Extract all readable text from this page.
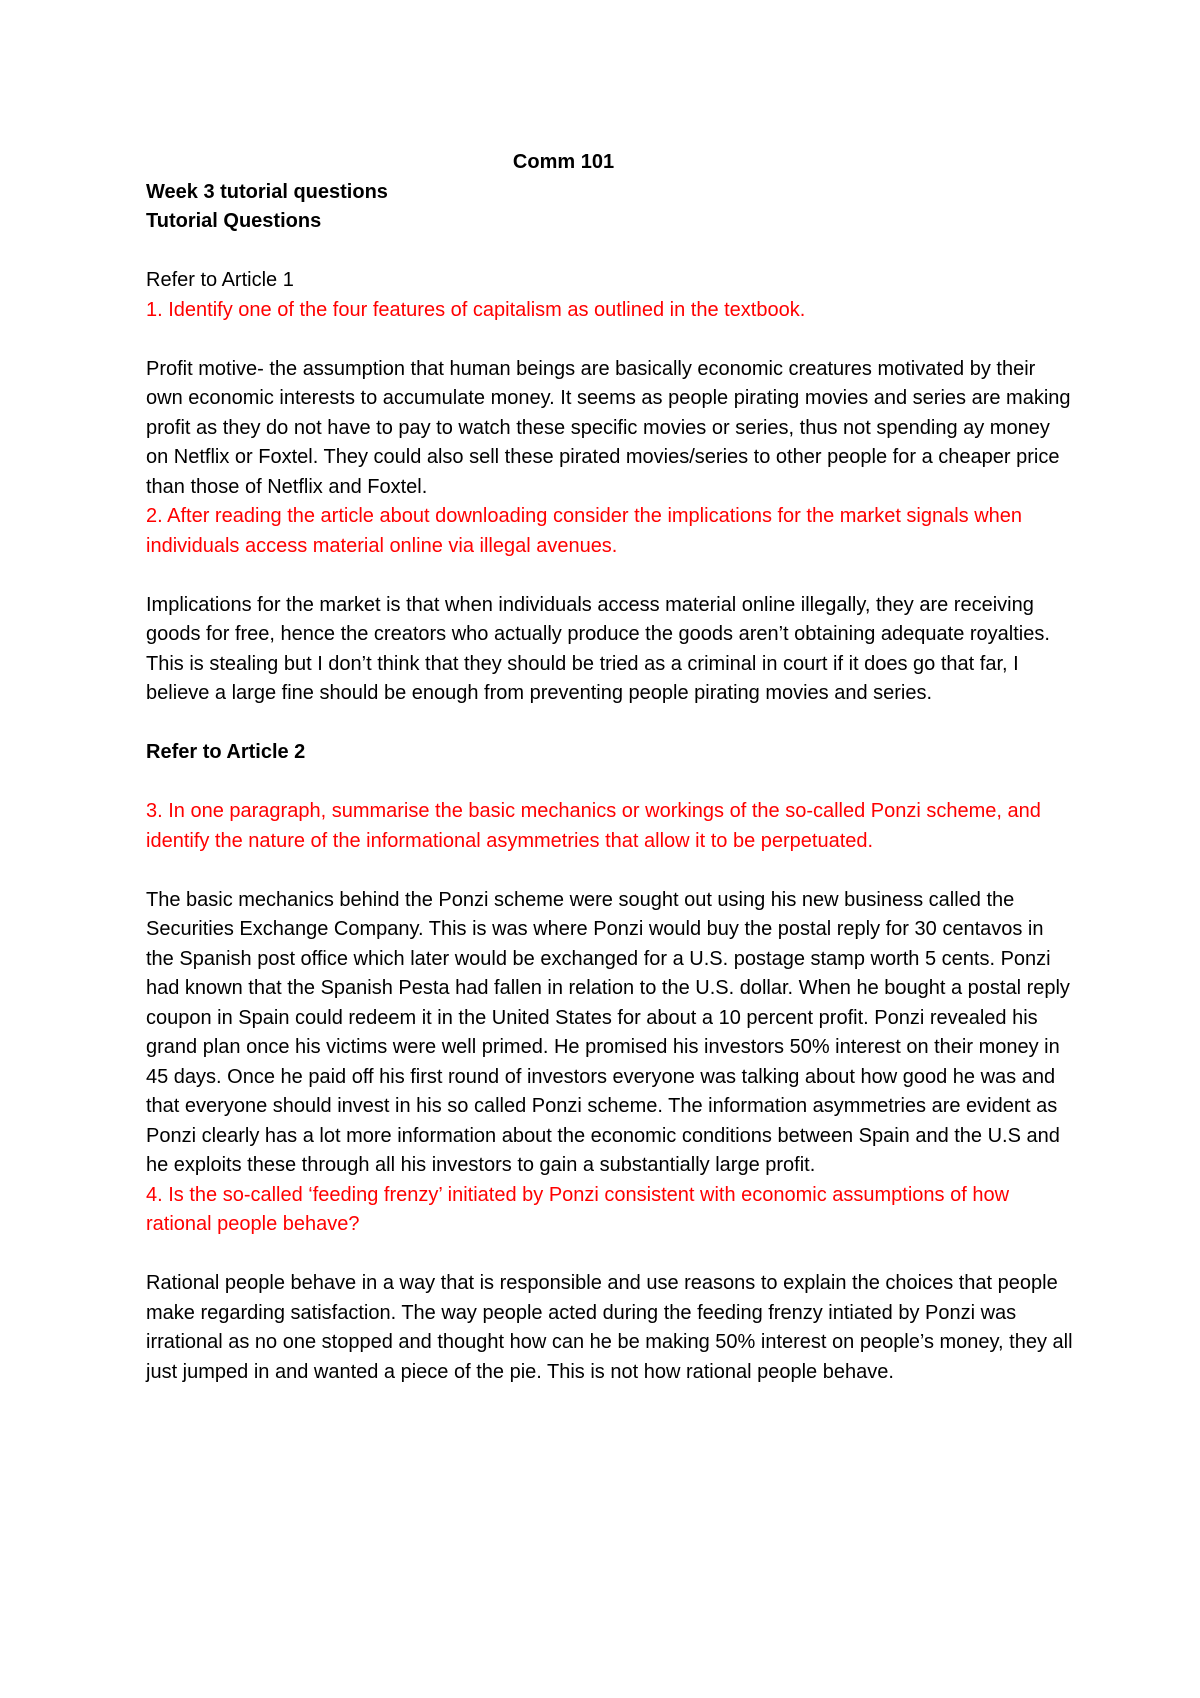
Comm 101

Week 3 tutorial questions

Tutorial Questions

Refer to Article 1

1. Identify one of the four features of capitalism as outlined in the textbook.

Profit motive- the assumption that human beings are basically economic creatures motivated by their own economic interests to accumulate money. It seems as people pirating movies and series are making profit as they do not have to pay to watch these specific movies or series, thus not spending ay money on Netflix or Foxtel. They could also sell these pirated movies/series to other people for a cheaper price than those of Netflix and Foxtel.

2. After reading the article about downloading consider the implications for the market signals when individuals access material online via illegal avenues.

Implications for the market is that when individuals access material online illegally, they are receiving goods for free, hence the creators who actually produce the goods aren’t obtaining adequate royalties. This is stealing but I don’t think that they should be tried as a criminal in court if it does go that far, I believe a large fine should be enough from preventing people pirating movies and series.

Refer to Article 2

3. In one paragraph, summarise the basic mechanics or workings of the so-called Ponzi scheme, and identify the nature of the informational asymmetries that allow it to be perpetuated.

The basic mechanics behind the Ponzi scheme were sought out using his new business called the Securities Exchange Company. This is was where Ponzi would buy the postal reply for 30 centavos in the Spanish post office which later would be exchanged for a U.S. postage stamp worth 5 cents. Ponzi had known that the Spanish Pesta had fallen in relation to the U.S. dollar. When he bought a postal reply coupon in Spain could redeem it in the United States for about a 10 percent profit. Ponzi revealed his grand plan once his victims were well primed. He promised his investors 50% interest on their money in 45 days. Once he paid off his first round of investors everyone was talking about how good he was and that everyone should invest in his so called Ponzi scheme. The information asymmetries are evident as Ponzi clearly has a lot more information about the economic conditions between Spain and the U.S and he exploits these through all his investors to gain a substantially large profit.

4. Is the so-called ‘feeding frenzy’ initiated by Ponzi consistent with economic assumptions of how rational people behave?

Rational people behave in a way that is responsible and use reasons to explain the choices that people make regarding satisfaction. The way people acted during the feeding frenzy intiated by Ponzi was irrational as no one stopped and thought how can he be making 50% interest on people’s money, they all just jumped in and wanted a piece of the pie. This is not how rational people behave.
